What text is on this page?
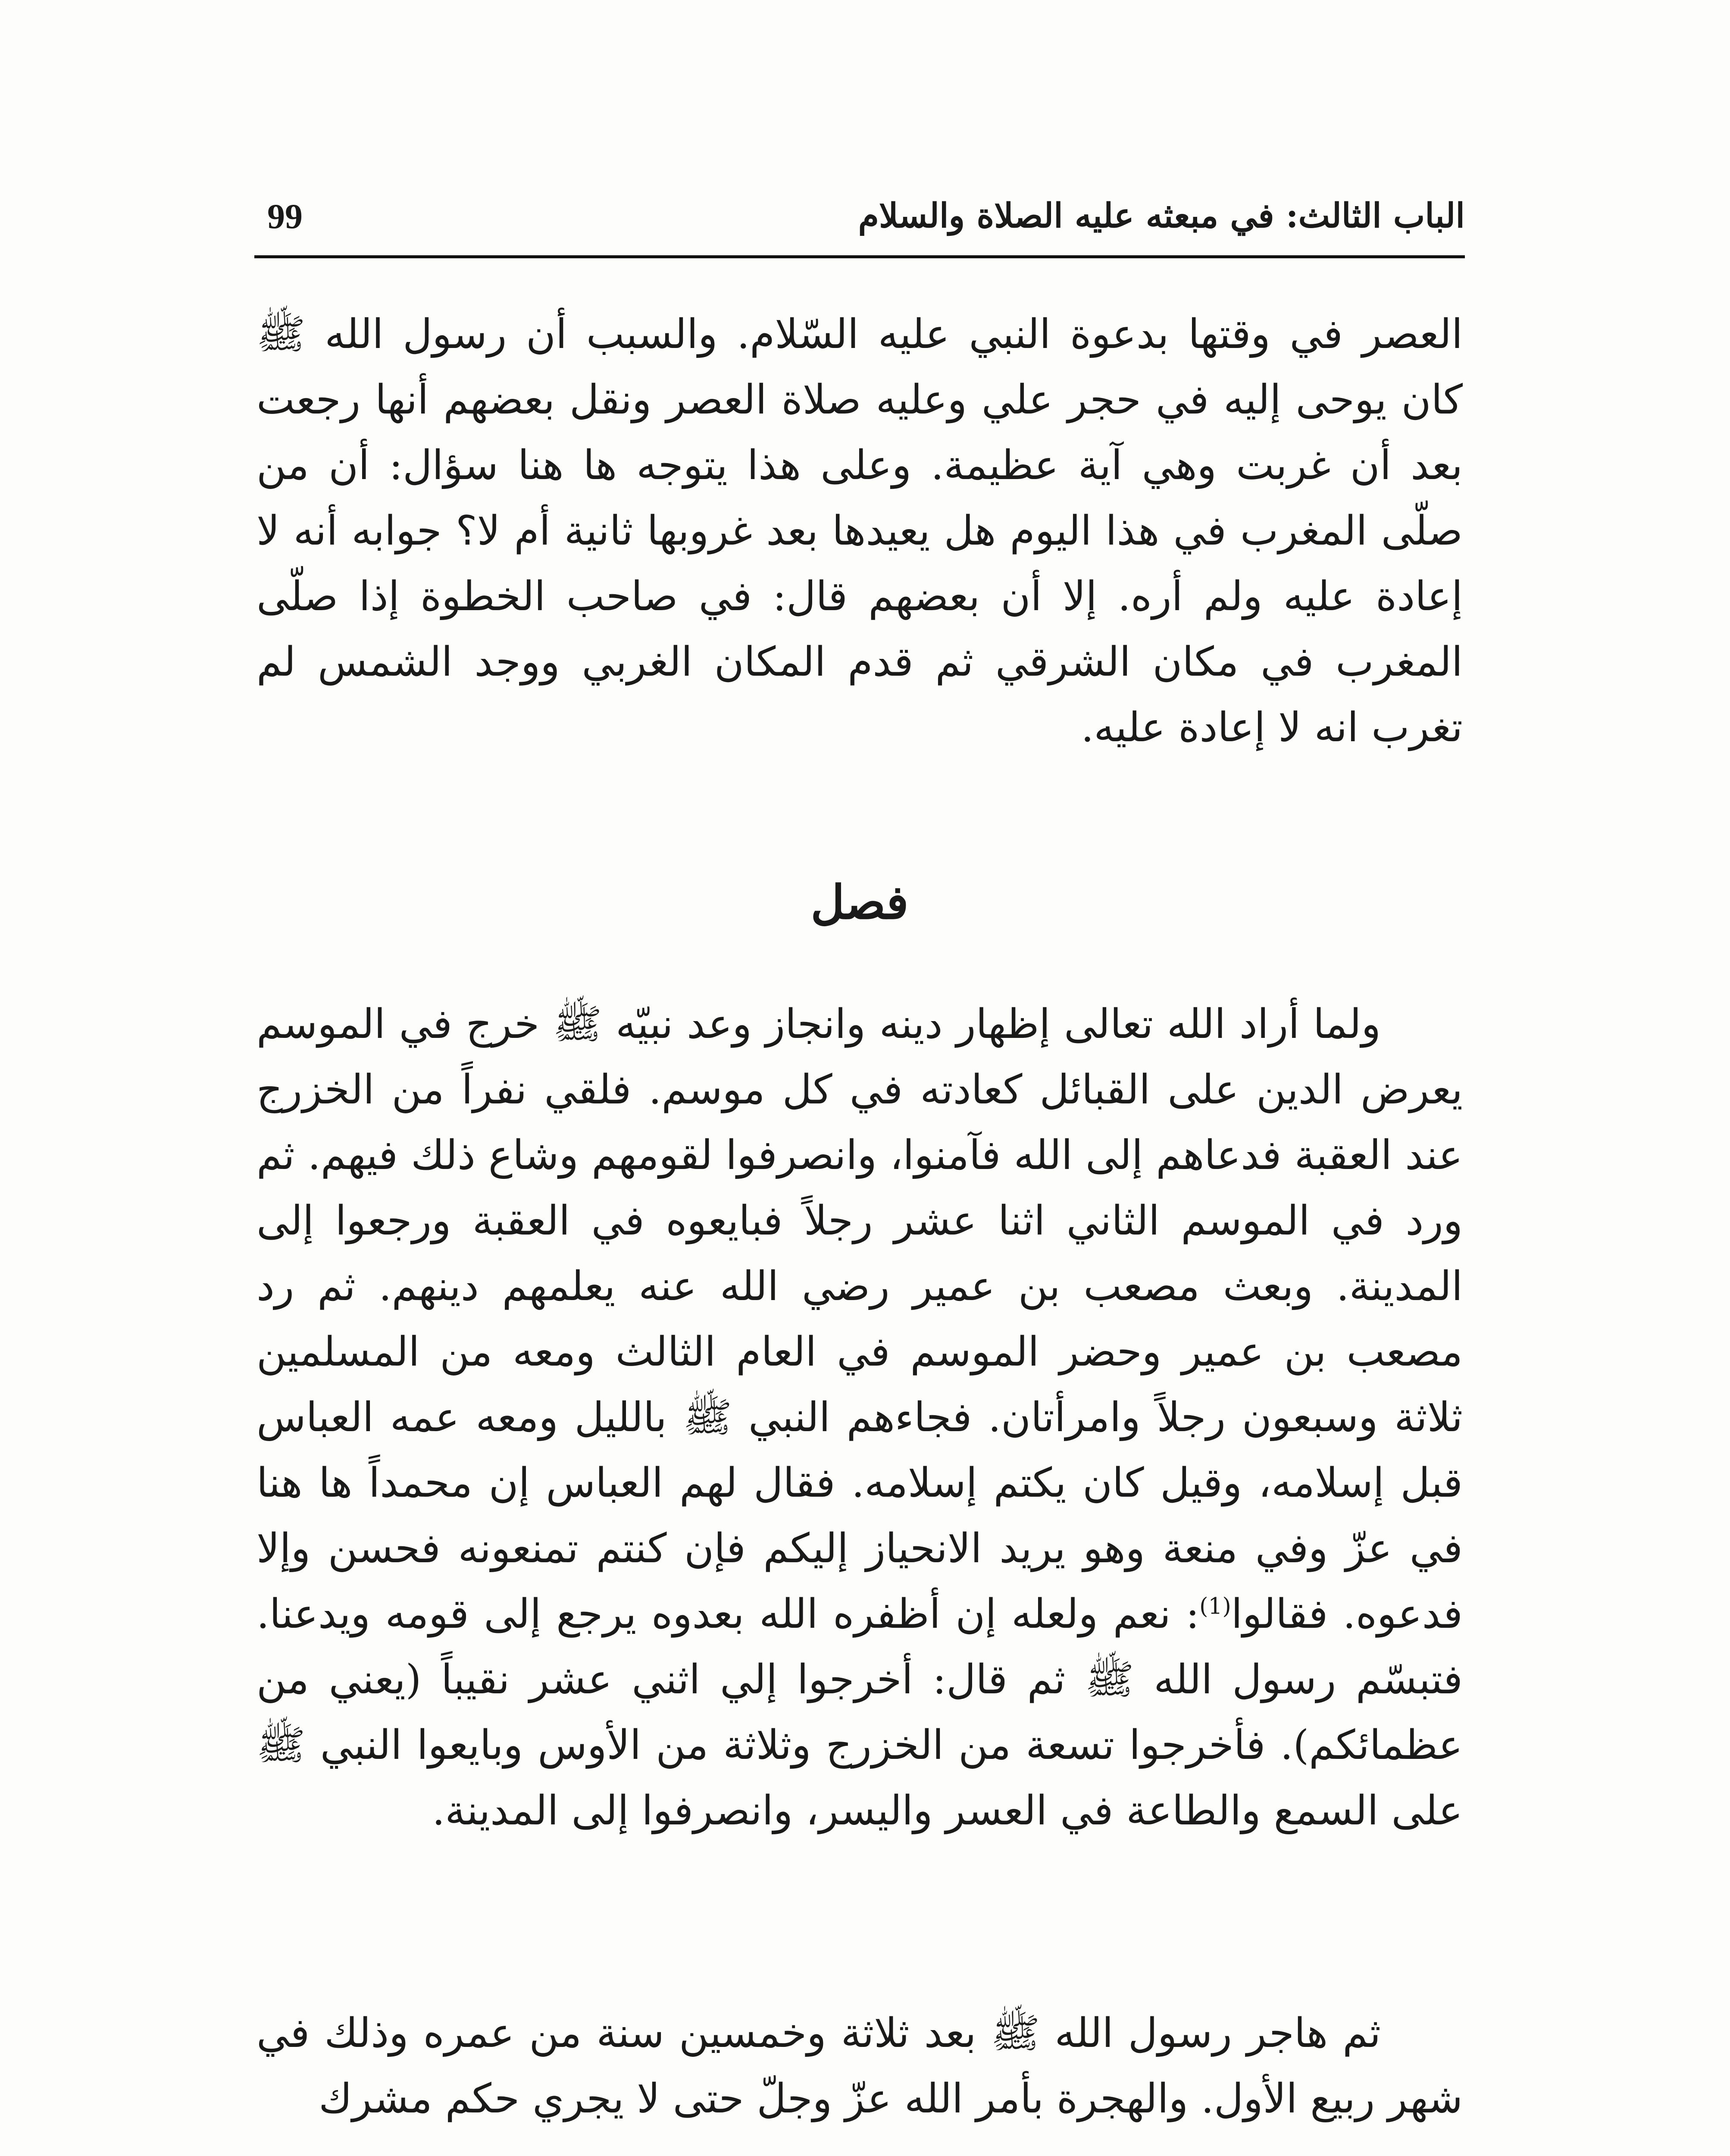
الباب الثالث: في مبعثه عليه الصلاة والسلام
99

العصر في وقتها بدعوة النبي عليه السّلام. والسبب أن رسول الله ﷺ كان يوحى إليه في حجر علي وعليه صلاة العصر ونقل بعضهم أنها رجعت بعد أن غربت وهي آية عظيمة. وعلى هذا يتوجه ها هنا سؤال: أن من صلّى المغرب في هذا اليوم هل يعيدها بعد غروبها ثانية أم لا؟ جوابه أنه لا إعادة عليه ولم أره. إلا أن بعضهم قال: في صاحب الخطوة إذا صلّى المغرب في مكان الشرقي ثم قدم المكان الغربي ووجد الشمس لم تغرب انه لا إعادة عليه.

فصل

ولما أراد الله تعالى إظهار دينه وانجاز وعد نبيّه ﷺ خرج في الموسم يعرض الدين على القبائل كعادته في كل موسم. فلقي نفراً من الخزرج عند العقبة فدعاهم إلى الله فآمنوا، وانصرفوا لقومهم وشاع ذلك فيهم. ثم ورد في الموسم الثاني اثنا عشر رجلاً فبايعوه في العقبة ورجعوا إلى المدينة. وبعث مصعب بن عمير رضي الله عنه يعلمهم دينهم. ثم رد مصعب بن عمير وحضر الموسم في العام الثالث ومعه من المسلمين ثلاثة وسبعون رجلاً وامرأتان. فجاءهم النبي ﷺ بالليل ومعه عمه العباس قبل إسلامه، وقيل كان يكتم إسلامه. فقال لهم العباس إن محمداً ها هنا في عزّ وفي منعة وهو يريد الانحياز إليكم فإن كنتم تمنعونه فحسن وإلا فدعوه. فقالوا$^{(1)}$: نعم ولعله إن أظفره الله بعدوه يرجع إلى قومه ويدعنا. فتبسّم رسول الله ﷺ ثم قال: أخرجوا إلي اثني عشر نقيباً (يعني من عظمائكم). فأخرجوا تسعة من الخزرج وثلاثة من الأوس وبايعوا النبي ﷺ على السمع والطاعة في العسر واليسر، وانصرفوا إلى المدينة.

ثم هاجر رسول الله ﷺ بعد ثلاثة وخمسين سنة من عمره وذلك في شهر ربيع الأول. والهجرة بأمر الله عزّ وجلّ حتى لا يجري حكم مشرك
